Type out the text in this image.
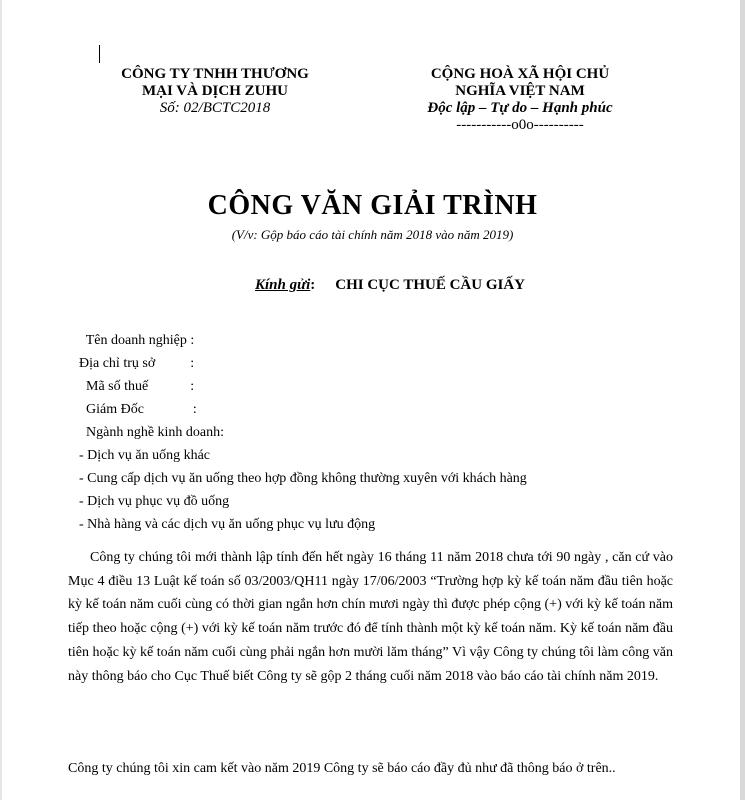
CÔNG TY TNHH THƯƠNG
MẠI VÀ DỊCH ZUHU
Số: 02/BCTC2018
CỘNG HOÀ XÃ HỘI CHỦ
NGHĨA VIỆT NAM
Độc lập – Tự do – Hạnh phúc
-----------o0o----------
CÔNG VĂN GIẢI TRÌNH
(V/v: Gộp báo cáo tài chính năm 2018 vào năm 2019)
Kính gửi: CHI CỤC THUẾ CẦU GIẤY
Tên doanh nghiệp :
Địa chỉ trụ sở          :
Mã số thuế            :
Giám Đốc              :
Ngành nghề kinh doanh:
- Dịch vụ ăn uống khác
- Cung cấp dịch vụ ăn uống theo hợp đồng không thường xuyên với khách hàng
- Dịch vụ phục vụ đồ uống
- Nhà hàng và các dịch vụ ăn uống phục vụ lưu động
Công ty chúng tôi mới thành lập tính đến hết ngày 16 tháng 11 năm 2018 chưa tới 90 ngày , căn cứ vào Mục 4 điều 13 Luật kế toán số 03/2003/QH11 ngày 17/06/2003 “Trường hợp kỳ kế toán năm đầu tiên hoặc kỳ kế toán năm cuối cùng có thời gian ngắn hơn chín mươi ngày thì được phép cộng (+) với kỳ kế toán năm tiếp theo hoặc cộng (+) với kỳ kế toán năm trước đó để tính thành một kỳ kế toán năm. Kỳ kế toán năm đầu tiên hoặc kỳ kế toán năm cuối cùng phải ngắn hơn mười lăm tháng” Vì vậy Công ty chúng tôi làm công văn này thông báo cho Cục Thuế biết Công ty sẽ gộp 2 tháng cuối năm 2018 vào báo cáo tài chính năm 2019.
Công ty chúng tôi xin cam kết vào năm 2019 Công ty sẽ báo cáo đầy đủ như đã thông báo ở trên..
